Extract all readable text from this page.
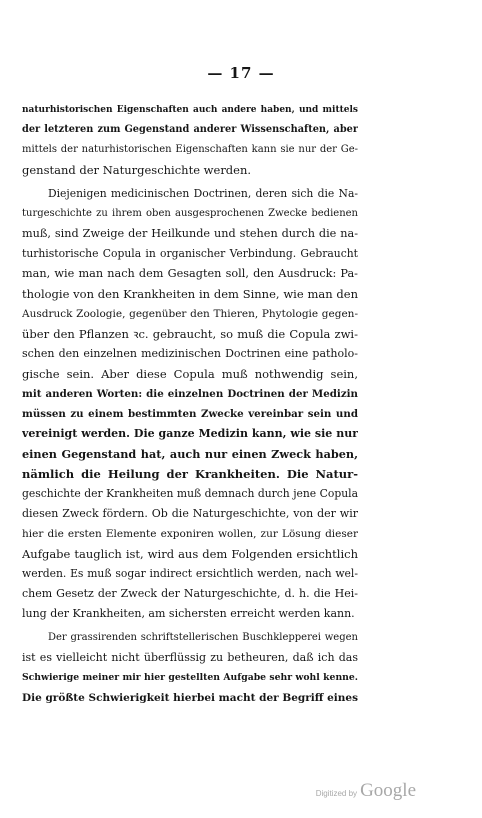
— 17 —
naturhistorischen Eigenschaften auch andere haben, und mittels
der letzteren zum Gegenstand anderer Wissenschaften, aber
mittels der naturhistorischen Eigenschaften kann sie nur der Ge-
genstand der Naturgeschichte werden.
Diejenigen medicinischen Doctrinen, deren sich die Na-
turgeschichte zu ihrem oben ausgesprochenen Zwecke bedienen
muß, sind Zweige der Heilkunde und stehen durch die na-
turhistorische Copula in organischer Verbindung. Gebraucht
man, wie man nach dem Gesagten soll, den Ausdruck: Pa-
thologie von den Krankheiten in dem Sinne, wie man den
Ausdruck Zoologie, gegenüber den Thieren, Phytologie gegen-
über den Pflanzen ꝛc. gebraucht, so muß die Copula zwi-
schen den einzelnen medizinischen Doctrinen eine patholo-
gische sein. Aber diese Copula muß nothwendig sein,
mit anderen Worten: die einzelnen Doctrinen der Medizin
müssen zu einem bestimmten Zwecke vereinbar sein und
vereinigt werden. Die ganze Medizin kann, wie sie nur
einen Gegenstand hat, auch nur einen Zweck haben,
nämlich die Heilung der Krankheiten. Die Natur-
geschichte der Krankheiten muß demnach durch jene Copula
diesen Zweck fördern. Ob die Naturgeschichte, von der wir
hier die ersten Elemente exponiren wollen, zur Lösung dieser
Aufgabe tauglich ist, wird aus dem Folgenden ersichtlich
werden. Es muß sogar indirect ersichtlich werden, nach wel-
chem Gesetz der Zweck der Naturgeschichte, d. h. die Hei-
lung der Krankheiten, am sichersten erreicht werden kann.
Der grassirenden schriftstellerischen Buschklepperei wegen
ist es vielleicht nicht überflüssig zu betheuren, daß ich das
Schwierige meiner mir hier gestellten Aufgabe sehr wohl kenne.
Die größte Schwierigkeit hierbei macht der Begriff eines
Digitized by Google
